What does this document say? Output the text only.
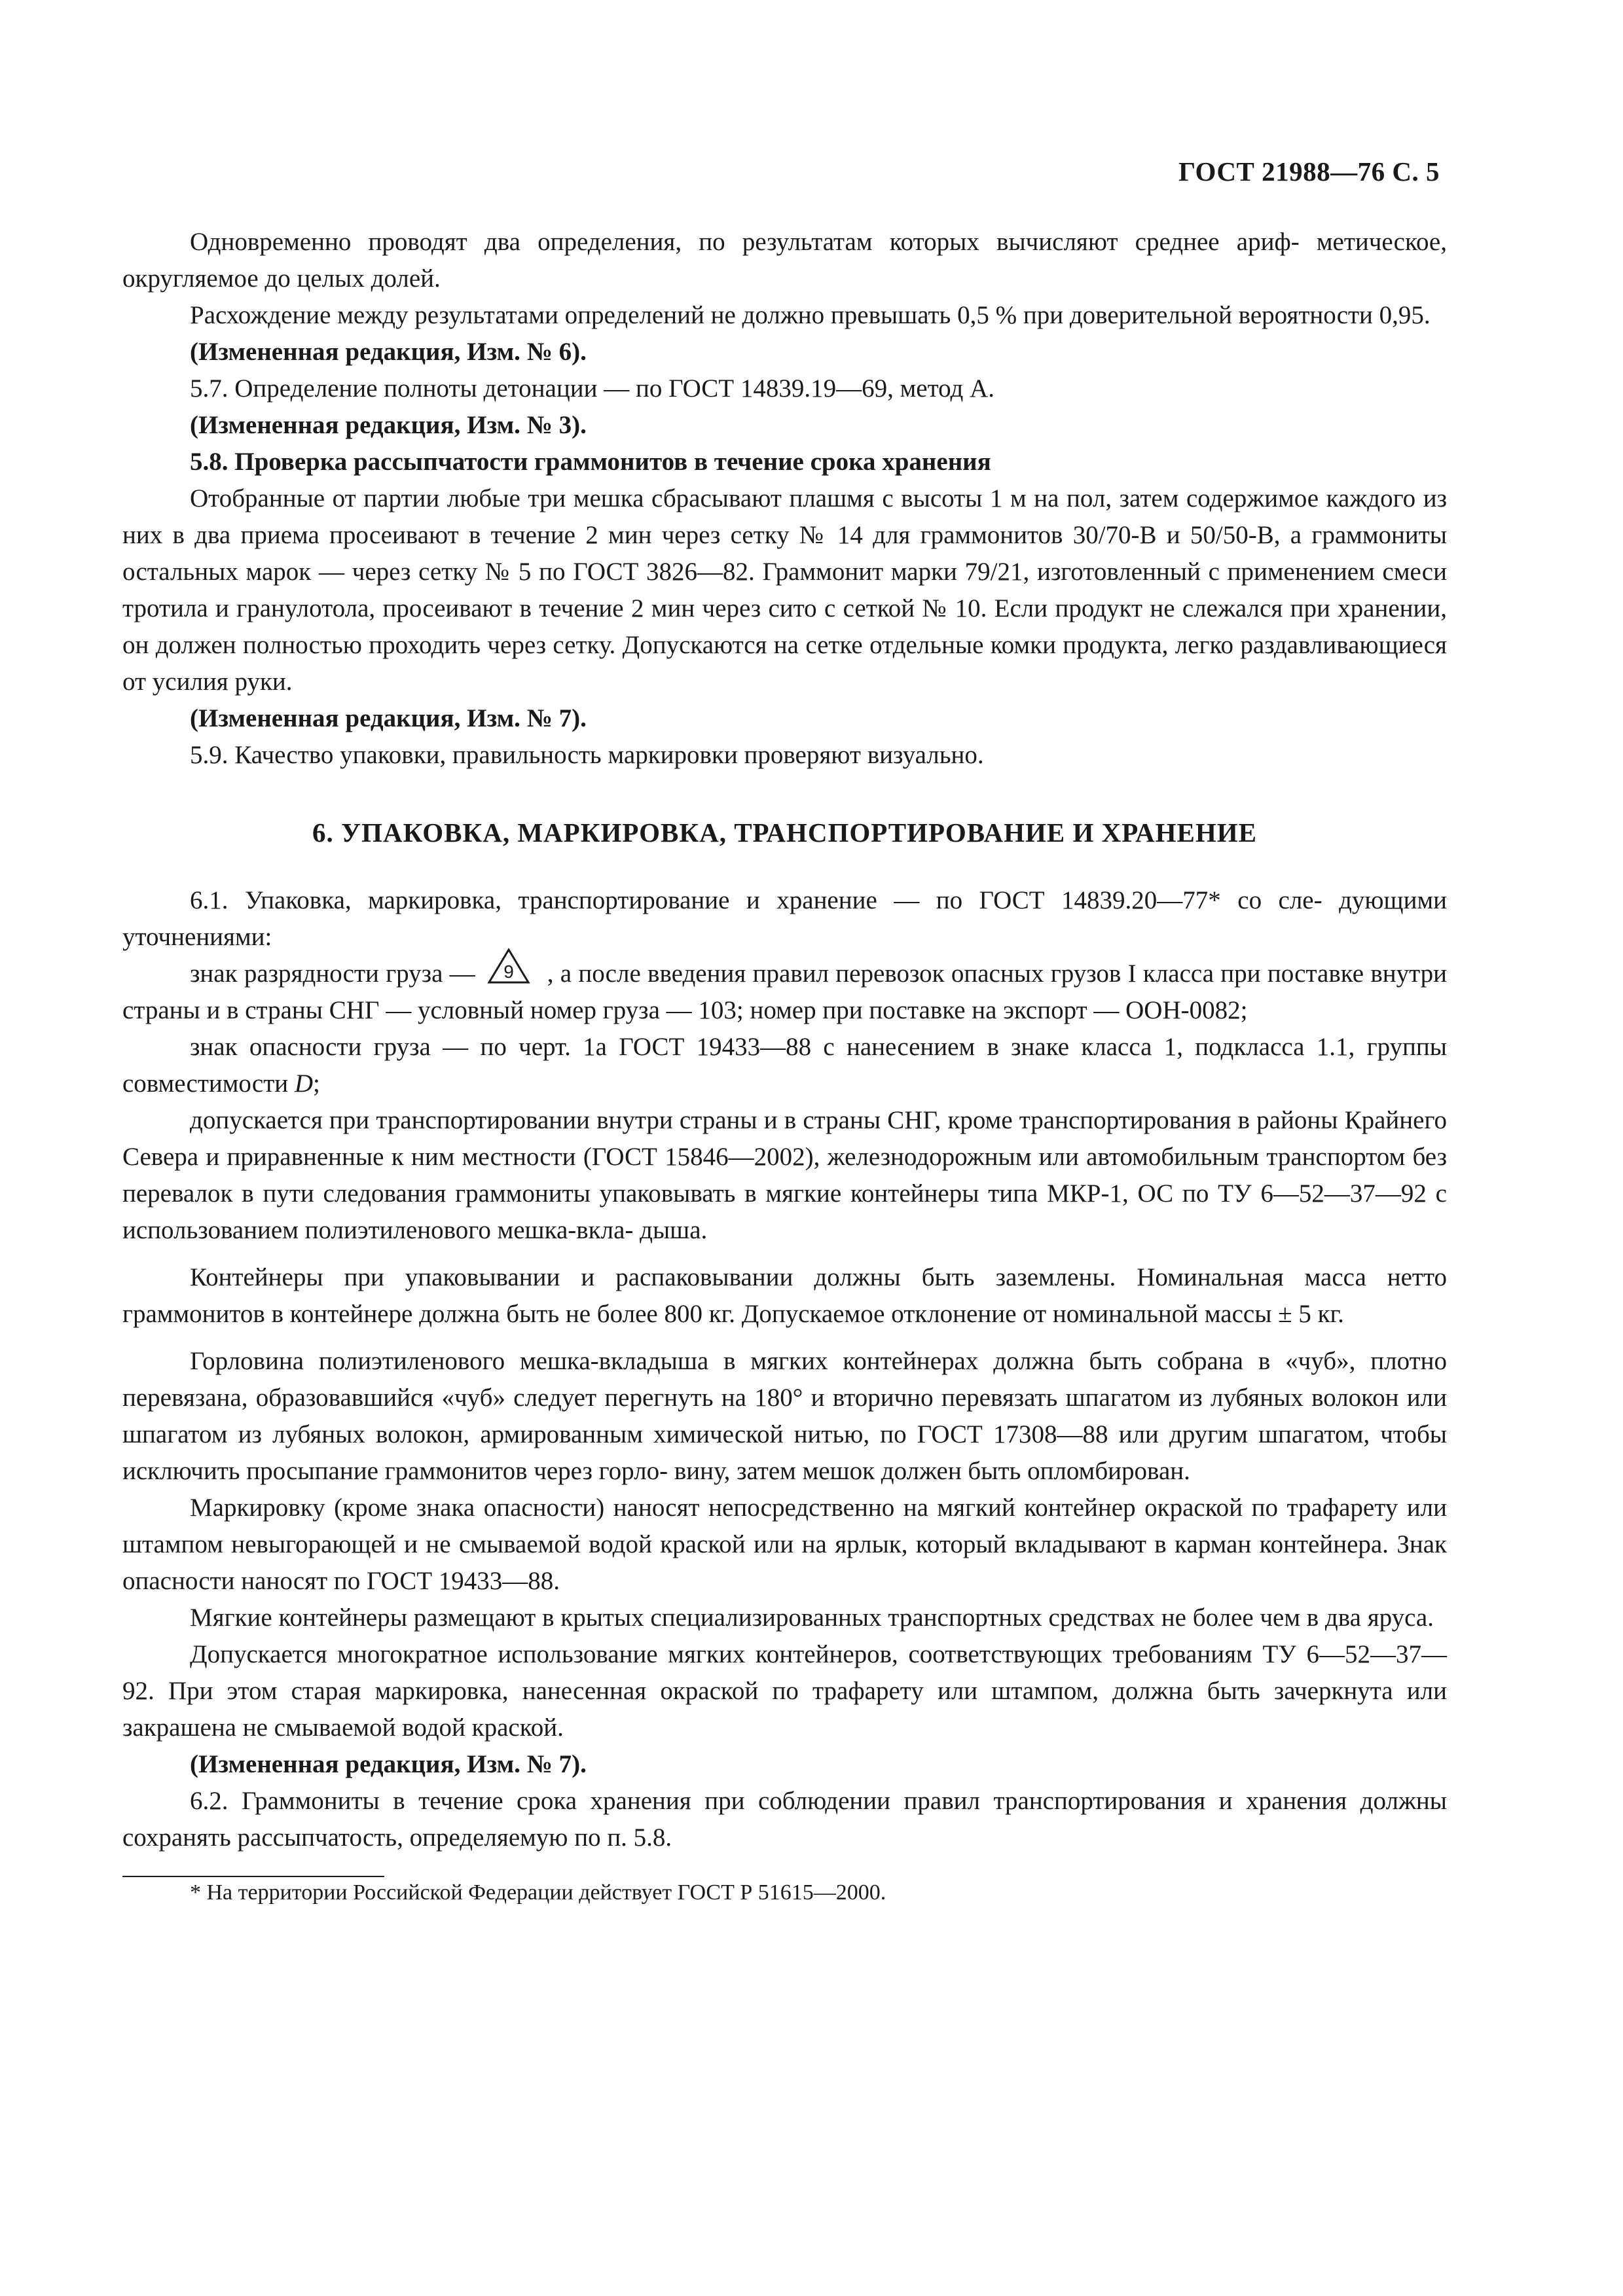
ГОСТ 21988—76 С. 5

Одновременно проводят два определения, по результатам которых вычисляют среднее ариф- метическое, округляемое до целых долей.

Расхождение между результатами определений не должно превышать 0,5 % при доверительной вероятности 0,95.

(Измененная редакция, Изм. № 6).

5.7. Определение полноты детонации — по ГОСТ 14839.19—69, метод А.

(Измененная редакция, Изм. № 3).

5.8. Проверка рассыпчатости граммонитов в течение срока хранения

Отобранные от партии любые три мешка сбрасывают плашмя с высоты 1 м на пол, затем содержимое каждого из них в два приема просеивают в течение 2 мин через сетку № 14 для граммонитов 30/70-В и 50/50-В, а граммониты остальных марок — через сетку № 5 по ГОСТ 3826—82. Граммонит марки 79/21, изготовленный с применением смеси тротила и гранулотола, просеивают в течение 2 мин через сито с сеткой № 10. Если продукт не слежался при хранении, он должен полностью проходить через сетку. Допускаются на сетке отдельные комки продукта, легко раздавливающиеся от усилия руки.

(Измененная редакция, Изм. № 7).

5.9. Качество упаковки, правильность маркировки проверяют визуально.

6. УПАКОВКА, МАРКИРОВКА, ТРАНСПОРТИРОВАНИЕ И ХРАНЕНИЕ

6.1. Упаковка, маркировка, транспортирование и хранение — по ГОСТ 14839.20—77* со сле- дующими уточнениями:

знак разрядности груза — 9 , а после введения правил перевозок опасных грузов I класса при поставке внутри страны и в страны СНГ — условный номер груза — 103; номер при поставке на экспорт — ООН-0082;

знак опасности груза — по черт. 1а ГОСТ 19433—88 с нанесением в знаке класса 1, подкласса 1.1, группы совместимости D;

допускается при транспортировании внутри страны и в страны СНГ, кроме транспортирования в районы Крайнего Севера и приравненные к ним местности (ГОСТ 15846—2002), железнодорожным или автомобильным транспортом без перевалок в пути следования граммониты упаковывать в мягкие контейнеры типа МКР-1, ОС по ТУ 6—52—37—92 с использованием полиэтиленового мешка-вкла- дыша.

Контейнеры при упаковывании и распаковывании должны быть заземлены. Номинальная масса нетто граммонитов в контейнере должна быть не более 800 кг. Допускаемое отклонение от номинальной массы ± 5 кг.

Горловина полиэтиленового мешка-вкладыша в мягких контейнерах должна быть собрана в «чуб», плотно перевязана, образовавшийся «чуб» следует перегнуть на 180° и вторично перевязать шпагатом из лубяных волокон или шпагатом из лубяных волокон, армированным химической нитью, по ГОСТ 17308—88 или другим шпагатом, чтобы исключить просыпание граммонитов через горло- вину, затем мешок должен быть опломбирован.

Маркировку (кроме знака опасности) наносят непосредственно на мягкий контейнер окраской по трафарету или штампом невыгорающей и не смываемой водой краской или на ярлык, который вкладывают в карман контейнера. Знак опасности наносят по ГОСТ 19433—88.

Мягкие контейнеры размещают в крытых специализированных транспортных средствах не более чем в два яруса.

Допускается многократное использование мягких контейнеров, соответствующих требованиям ТУ 6—52—37—92. При этом старая маркировка, нанесенная окраской по трафарету или штампом, должна быть зачеркнута или закрашена не смываемой водой краской.

(Измененная редакция, Изм. № 7).

6.2. Граммониты в течение срока хранения при соблюдении правил транспортирования и хранения должны сохранять рассыпчатость, определяемую по п. 5.8.

* На территории Российской Федерации действует ГОСТ Р 51615—2000.
